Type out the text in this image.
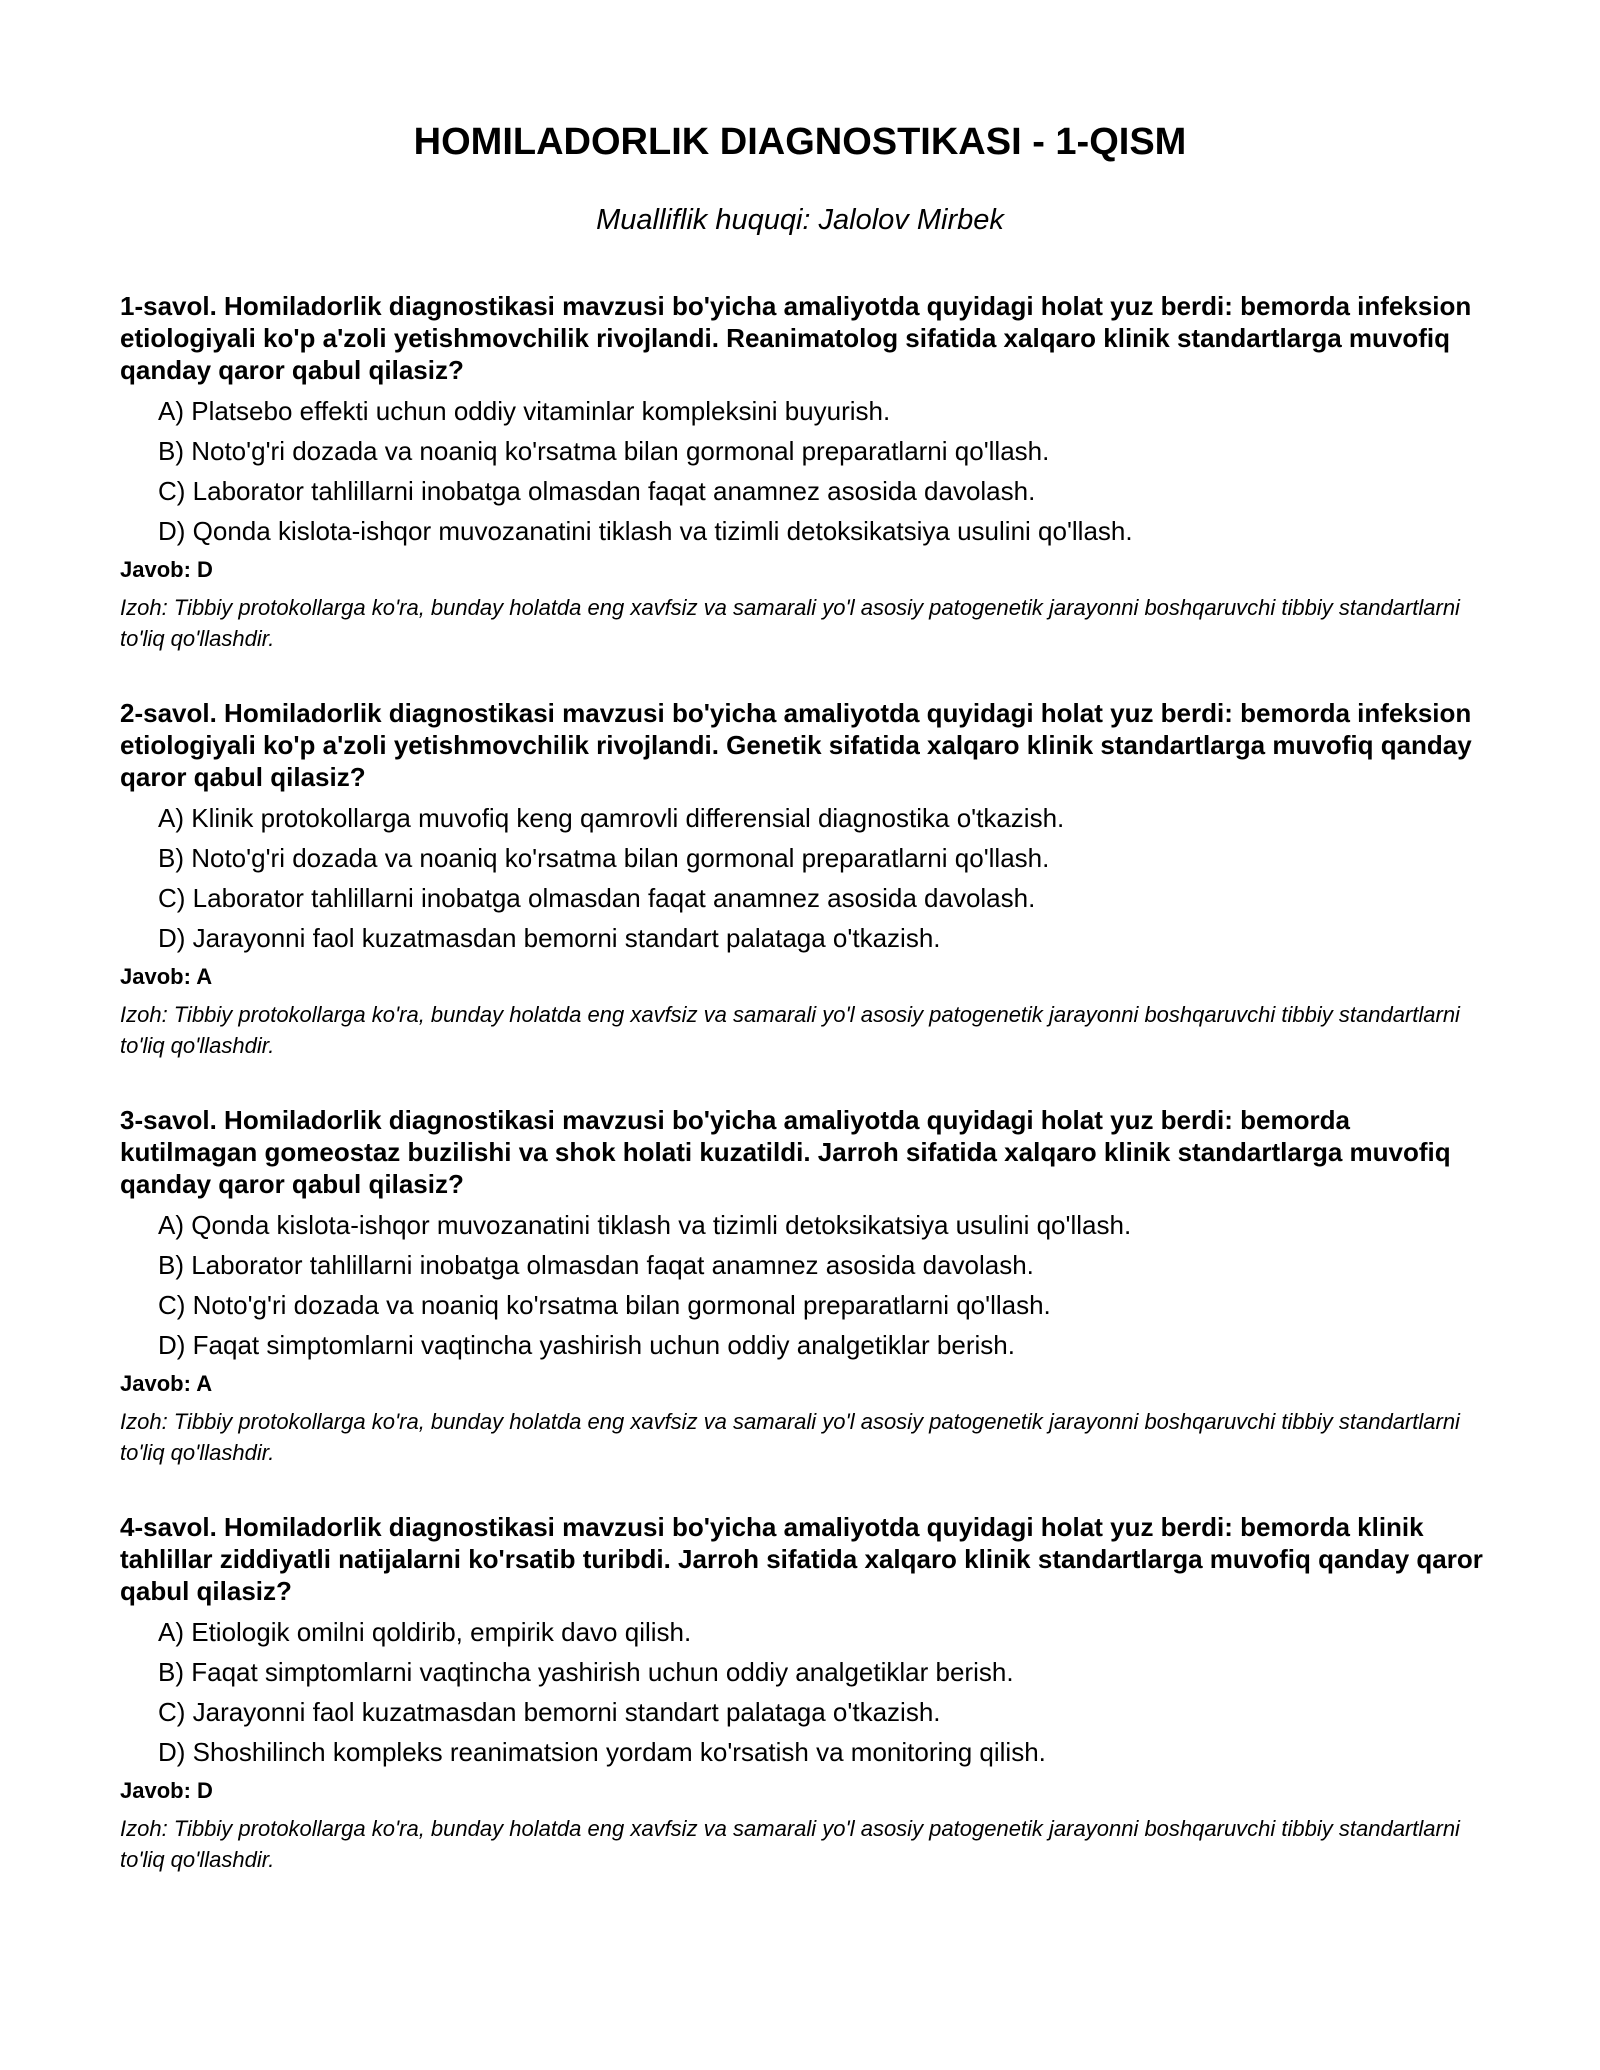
HOMILADORLIK DIAGNOSTIKASI - 1-QISM

Mualliflik huquqi: Jalolov Mirbek

1-savol. Homiladorlik diagnostikasi mavzusi bo'yicha amaliyotda quyidagi holat yuz berdi: bemorda infeksion etiologiyali ko'p a'zoli yetishmovchilik rivojlandi. Reanimatolog sifatida xalqaro klinik standartlarga muvofiq qanday qaror qabul qilasiz?

A) Platsebo effekti uchun oddiy vitaminlar kompleksini buyurish.
B) Noto'g'ri dozada va noaniq ko'rsatma bilan gormonal preparatlarni qo'llash.
C) Laborator tahlillarni inobatga olmasdan faqat anamnez asosida davolash.
D) Qonda kislota-ishqor muvozanatini tiklash va tizimli detoksikatsiya usulini qo'llash.

Javob: D

Izoh: Tibbiy protokollarga ko'ra, bunday holatda eng xavfsiz va samarali yo'l asosiy patogenetik jarayonni boshqaruvchi tibbiy standartlarni to'liq qo'llashdir.

2-savol. Homiladorlik diagnostikasi mavzusi bo'yicha amaliyotda quyidagi holat yuz berdi: bemorda infeksion etiologiyali ko'p a'zoli yetishmovchilik rivojlandi. Genetik sifatida xalqaro klinik standartlarga muvofiq qanday qaror qabul qilasiz?

A) Klinik protokollarga muvofiq keng qamrovli differensial diagnostika o'tkazish.
B) Noto'g'ri dozada va noaniq ko'rsatma bilan gormonal preparatlarni qo'llash.
C) Laborator tahlillarni inobatga olmasdan faqat anamnez asosida davolash.
D) Jarayonni faol kuzatmasdan bemorni standart palataga o'tkazish.

Javob: A

Izoh: Tibbiy protokollarga ko'ra, bunday holatda eng xavfsiz va samarali yo'l asosiy patogenetik jarayonni boshqaruvchi tibbiy standartlarni to'liq qo'llashdir.

3-savol. Homiladorlik diagnostikasi mavzusi bo'yicha amaliyotda quyidagi holat yuz berdi: bemorda kutilmagan gomeostaz buzilishi va shok holati kuzatildi. Jarroh sifatida xalqaro klinik standartlarga muvofiq qanday qaror qabul qilasiz?

A) Qonda kislota-ishqor muvozanatini tiklash va tizimli detoksikatsiya usulini qo'llash.
B) Laborator tahlillarni inobatga olmasdan faqat anamnez asosida davolash.
C) Noto'g'ri dozada va noaniq ko'rsatma bilan gormonal preparatlarni qo'llash.
D) Faqat simptomlarni vaqtincha yashirish uchun oddiy analgetiklar berish.

Javob: A

Izoh: Tibbiy protokollarga ko'ra, bunday holatda eng xavfsiz va samarali yo'l asosiy patogenetik jarayonni boshqaruvchi tibbiy standartlarni to'liq qo'llashdir.

4-savol. Homiladorlik diagnostikasi mavzusi bo'yicha amaliyotda quyidagi holat yuz berdi: bemorda klinik tahlillar ziddiyatli natijalarni ko'rsatib turibdi. Jarroh sifatida xalqaro klinik standartlarga muvofiq qanday qaror qabul qilasiz?

A) Etiologik omilni qoldirib, empirik davo qilish.
B) Faqat simptomlarni vaqtincha yashirish uchun oddiy analgetiklar berish.
C) Jarayonni faol kuzatmasdan bemorni standart palataga o'tkazish.
D) Shoshilinch kompleks reanimatsion yordam ko'rsatish va monitoring qilish.

Javob: D

Izoh: Tibbiy protokollarga ko'ra, bunday holatda eng xavfsiz va samarali yo'l asosiy patogenetik jarayonni boshqaruvchi tibbiy standartlarni to'liq qo'llashdir.
